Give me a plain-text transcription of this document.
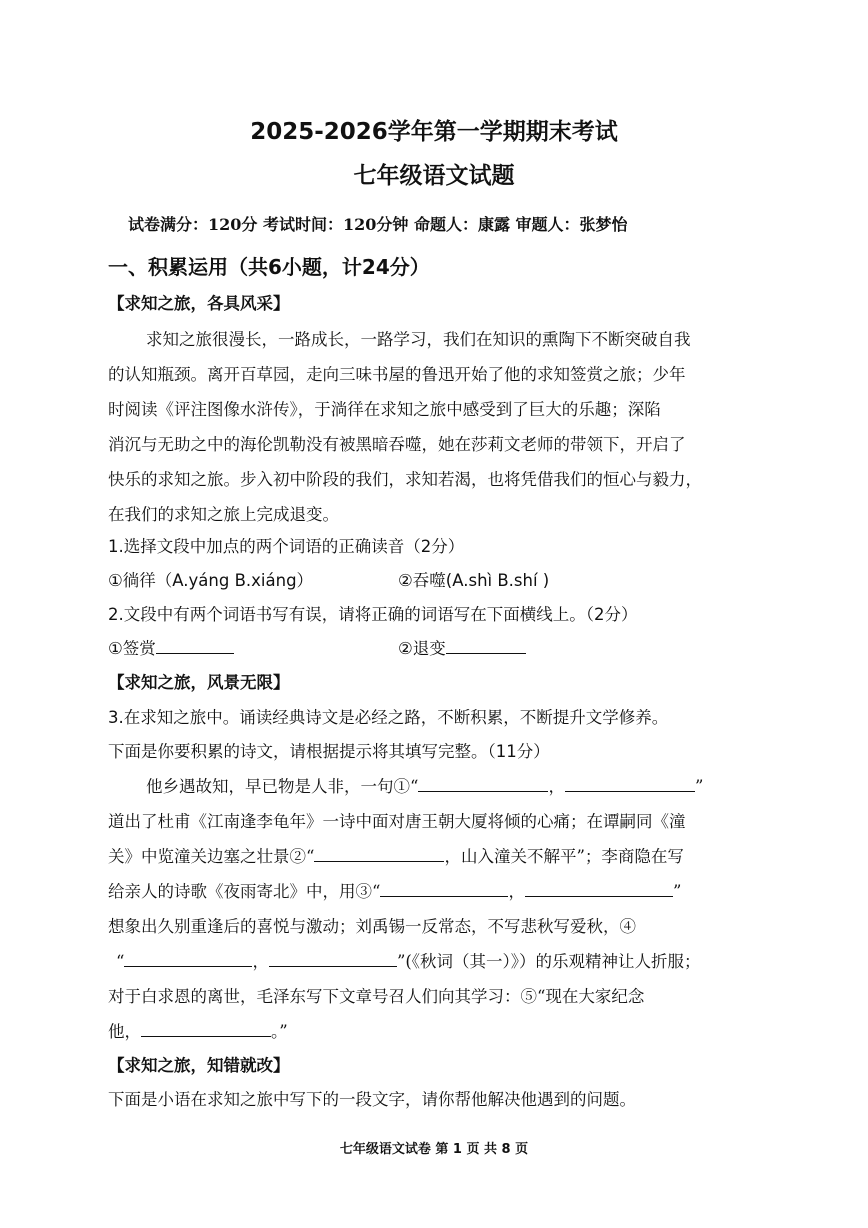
2025-2026学年第一学期期末考试
七年级语文试题
试卷满分：120分 考试时间：120分钟 命题人：康露 审题人：张梦怡
一、积累运用（共6小题，计24分）
【求知之旅，各具风采】
求知之旅很漫长，一路成长，一路学习，我们在知识的熏陶下不断突破自我
的认知瓶颈。离开百草园，走向三味书屋的鲁迅开始了他的求知签赏之旅；少年
时阅读《评注图像水浒传》，于淌徉在求知之旅中感受到了巨大的乐趣；深陷
消沉与无助之中的海伦凯勒没有被黑暗吞噬，她在莎莉文老师的带领下，开启了
快乐的求知之旅。步入初中阶段的我们，求知若渴，也将凭借我们的恒心与毅力，
在我们的求知之旅上完成退变。
1.选择文段中加点的两个词语的正确读音（2分）
①徜徉（A.yáng B.xiáng）	②吞噬(A.shì B.shí )
2.文段中有两个词语书写有误，请将正确的词语写在下面横线上。（2分）
①签赏	②退变
【求知之旅，风景无限】
3.在求知之旅中。诵读经典诗文是必经之路，不断积累，不断提升文学修养。
下面是你要积累的诗文，请根据提示将其填写完整。（11分）
他乡遇故知，早已物是人非，一句①“	，	”
道出了杜甫《江南逢李龟年》一诗中面对唐王朝大厦将倾的心痛；在谭嗣同《潼
关》中览潼关边塞之壮景②“	，山入潼关不解平”；李商隐在写
给亲人的诗歌《夜雨寄北》中，用③“	，	”
想象出久别重逢后的喜悦与激动；刘禹锡一反常态，不写悲秋写爱秋，④
“	，	”(《秋词（其一）》）的乐观精神让人折服；
对于白求恩的离世，毛泽东写下文章号召人们向其学习：⑤“现在大家纪念
他，	。”
【求知之旅，知错就改】
下面是小语在求知之旅中写下的一段文字，请你帮他解决他遇到的问题。
七年级语文试卷 第 1 页 共 8 页
